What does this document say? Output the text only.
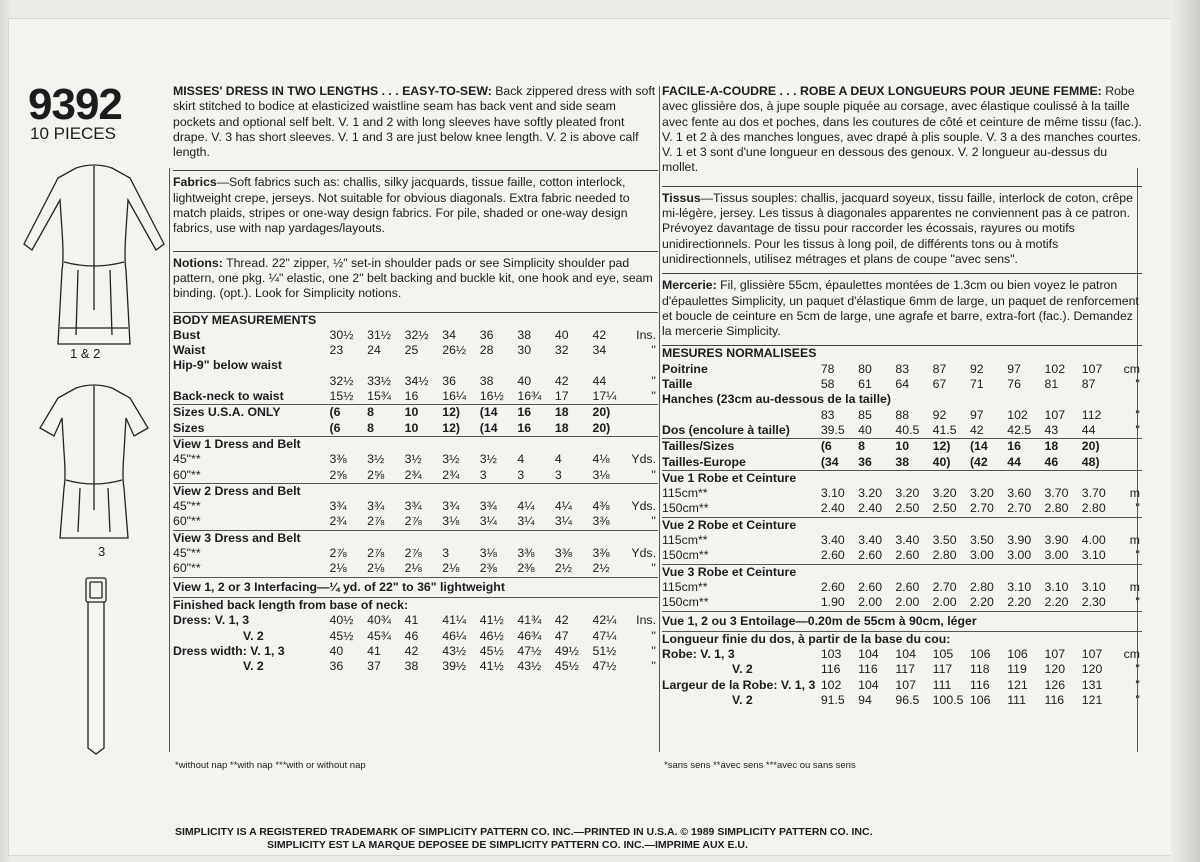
9392
10 PIECES
1 & 2
3

MISSES' DRESS IN TWO LENGTHS . . . EASY-TO-SEW: Back zippered dress with soft skirt stitched to bodice at elasticized waistline seam has back vent and side seam pockets and optional self belt. V. 1 and 2 with long sleeves have softly pleated front drape. V. 3 has short sleeves. V. 1 and 3 are just below knee length. V. 2 is above calf length.

Fabrics—Soft fabrics such as: challis, silky jacquards, tissue faille, cotton interlock, lightweight crepe, jerseys. Not suitable for obvious diagonals. Extra fabric needed to match plaids, stripes or one-way design fabrics. For pile, shaded or one-way design fabrics, use with nap yardages/layouts.

Notions: Thread. 22" zipper, ½" set-in shoulder pads or see Simplicity shoulder pad pattern, one pkg. ¼" elastic, one 2" belt backing and buckle kit, one hook and eye, seam binding. (opt.). Look for Simplicity notions.

BODY MEASUREMENTS									
Bust	30½	31½	32½	34	36	38	40	42	Ins.
Waist	23	24	25	26½	28	30	32	34	''
Hip-9" below waist									
	32½	33½	34½	36	38	40	42	44	''
Back-neck to waist	15½	15¾	16	16¼	16½	16¾	17	17¼	''
Sizes U.S.A. ONLY	(6	8	10	12)	(14	16	18	20)	
Sizes	(6	8	10	12)	(14	16	18	20)	
View 1 Dress and Belt									
45"**	3⅜	3½	3½	3½	3½	4	4	4⅛	Yds.
60"**	2⅝	2⅝	2¾	2¾	3	3	3	3⅛	''
View 2 Dress and Belt									
45"**	3¾	3¾	3¾	3¾	3¾	4¼	4¼	4⅜	Yds.
60"**	2¾	2⅞	2⅞	3⅛	3¼	3¼	3¼	3⅜	''
View 3 Dress and Belt									
45"**	2⅞	2⅞	2⅞	3	3⅛	3⅜	3⅜	3⅜	Yds.
60"**	2⅛	2⅛	2⅛	2⅛	2⅜	2⅜	2½	2½	''
View 1, 2 or 3 Interfacing—¼ yd. of 22" to 36" lightweight									
Finished back length from base of neck:									
Dress: V. 1, 3	40½	40¾	41	41¼	41½	41¾	42	42¼	Ins.
V. 2	45½	45¾	46	46¼	46½	46¾	47	47¼	''
Dress width: V. 1, 3	40	41	42	43½	45½	47½	49½	51½	''
V. 2	36	37	38	39½	41½	43½	45½	47½	''

FACILE-A-COUDRE . . . ROBE A DEUX LONGUEURS POUR JEUNE FEMME: Robe avec glissière dos, à jupe souple piquée au corsage, avec élastique coulissé à la taille avec fente au dos et poches, dans les coutures de côté et ceinture de même tissu (fac.). V. 1 et 2 à des manches longues, avec drapé à plis souple. V. 3 a des manches courtes. V. 1 et 3 sont d'une longueur en dessous des genoux. V. 2 longueur au-dessus du mollet.

Tissus—Tissus souples: challis, jacquard soyeux, tissu faille, interlock de coton, crêpe mi-légère, jersey. Les tissus à diagonales apparentes ne conviennent pas à ce patron. Prévoyez davantage de tissu pour raccorder les écossais, rayures ou motifs unidirectionnels. Pour les tissus à long poil, de différents tons ou à motifs unidirectionnels, utilisez métrages et plans de coupe "avec sens".

Mercerie: Fil, glissière 55cm, épaulettes montées de 1.3cm ou bien voyez le patron d'épaulettes Simplicity, un paquet d'élastique 6mm de large, un paquet de renforcement et boucle de ceinture en 5cm de large, une agrafe et barre, extra-fort (fac.). Demandez la mercerie Simplicity.

MESURES NORMALISEES									
Poitrine	78	80	83	87	92	97	102	107	cm
Taille	58	61	64	67	71	76	81	87	''
Hanches (23cm au-dessous de la taille)									
	83	85	88	92	97	102	107	112	''
Dos (encolure à taille)	39.5	40	40.5	41.5	42	42.5	43	44	''
Tailles/Sizes	(6	8	10	12)	(14	16	18	20)	
Tailles-Europe	(34	36	38	40)	(42	44	46	48)	
Vue 1 Robe et Ceinture									
115cm**	3.10	3.20	3.20	3.20	3.20	3.60	3.70	3.70	m
150cm**	2.40	2.40	2.50	2.50	2.70	2.70	2.80	2.80	''
Vue 2 Robe et Ceinture									
115cm**	3.40	3.40	3.40	3.50	3.50	3.90	3.90	4.00	m
150cm**	2.60	2.60	2.60	2.80	3.00	3.00	3.00	3.10	''
Vue 3 Robe et Ceinture									
115cm**	2.60	2.60	2.60	2.70	2.80	3.10	3.10	3.10	m
150cm**	1.90	2.00	2.00	2.00	2.20	2.20	2.20	2.30	''
Vue 1, 2 ou 3 Entoilage—0.20m de 55cm à 90cm, léger									
Longueur finie du dos, à partir de la base du cou:									
Robe: V. 1, 3	103	104	104	105	106	106	107	107	cm
V. 2	116	116	117	117	118	119	120	120	''
Largeur de la Robe: V. 1, 3	102	104	107	111	116	121	126	131	''
V. 2	91.5	94	96.5	100.5	106	111	116	121	''
*without nap **with nap ***with or without nap	*sans sens **avec sens ***avec ou sans sens
SIMPLICITY IS A REGISTERED TRADEMARK OF SIMPLICITY PATTERN CO. INC.—PRINTED IN U.S.A. © 1989 SIMPLICITY PATTERN CO. INC.
SIMPLICITY EST LA MARQUE DEPOSEE DE SIMPLICITY PATTERN CO. INC.—IMPRIME AUX E.U.
